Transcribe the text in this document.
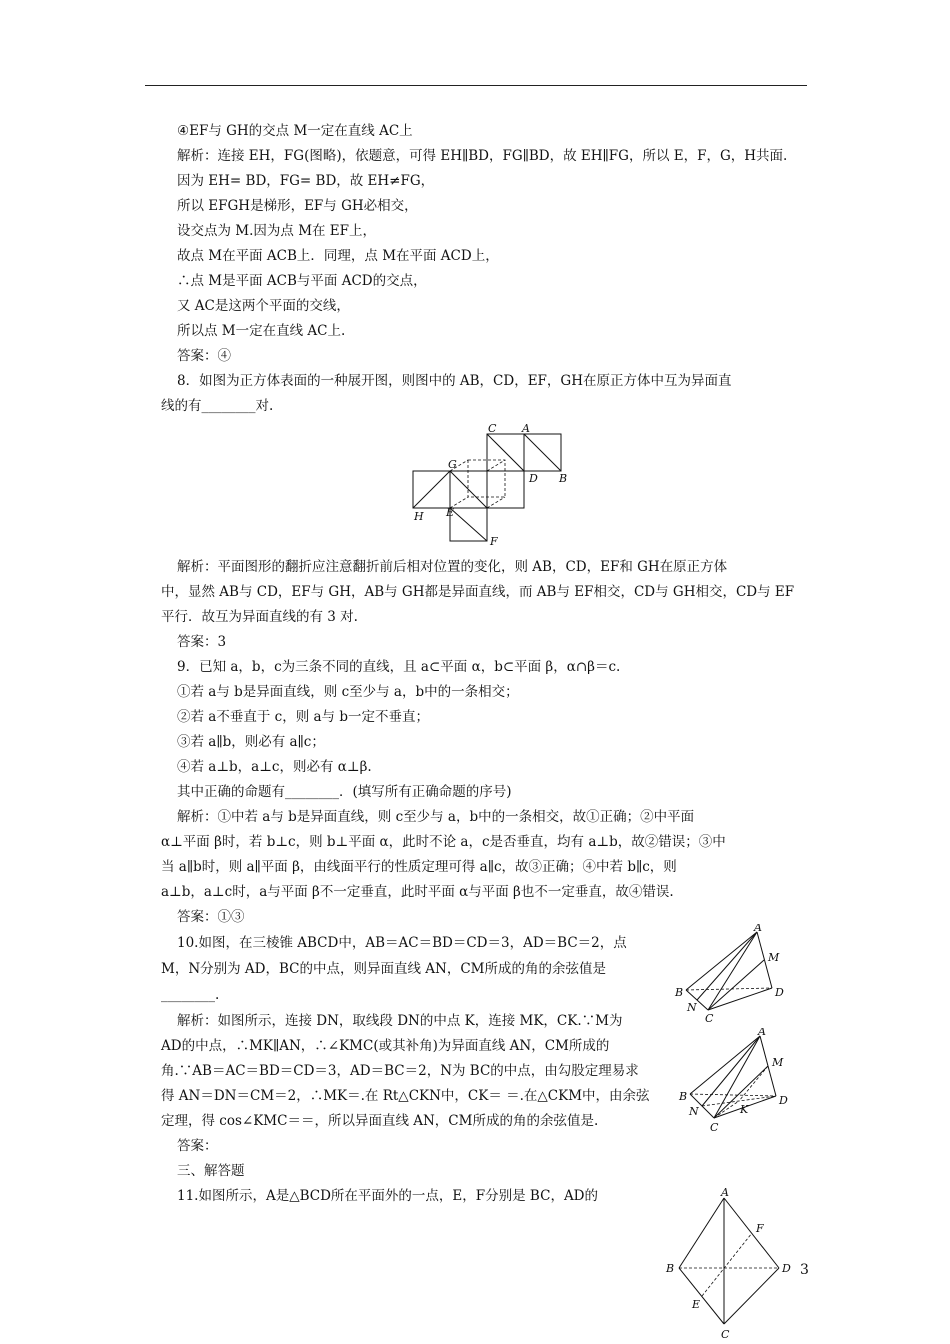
④EF与 GH的交点 M一定在直线 AC上
解析：连接 EH，FG(图略)，依题意，可得 EH∥BD，FG∥BD，故 EH∥FG，所以 E，F，G，H共面.
因为 EH= BD，FG= BD，故 EH≠FG，
所以 EFGH是梯形，EF与 GH必相交，
设交点为 M.因为点 M在 EF上，
故点 M在平面 ACB上．同理，点 M在平面 ACD上，
∴点 M是平面 ACB与平面 ACD的交点，
又 AC是这两个平面的交线，
所以点 M一定在直线 AC上.
答案：④
8．如图为正方体表面的一种展开图，则图中的 AB，CD，EF，GH在原正方体中互为异面直
线的有________对.
解析：平面图形的翻折应注意翻折前后相对位置的变化，则 AB，CD，EF和 GH在原正方体
中，显然 AB与 CD，EF与 GH，AB与 GH都是异面直线，而 AB与 EF相交，CD与 GH相交，CD与 EF
平行．故互为异面直线的有 3 对.
答案：3
9．已知 a，b，c为三条不同的直线，且 a⊂平面 α，b⊂平面 β，α∩β＝c.
①若 a与 b是异面直线，则 c至少与 a，b中的一条相交；
②若 a不垂直于 c，则 a与 b一定不垂直；
③若 a∥b，则必有 a∥c；
④若 a⊥b，a⊥c，则必有 α⊥β.
其中正确的命题有________．(填写所有正确命题的序号)
解析：①中若 a与 b是异面直线，则 c至少与 a，b中的一条相交，故①正确；②中平面
α⊥平面 β时，若 b⊥c，则 b⊥平面 α，此时不论 a，c是否垂直，均有 a⊥b，故②错误；③中
当 a∥b时，则 a∥平面 β，由线面平行的性质定理可得 a∥c，故③正确；④中若 b∥c，则
a⊥b，a⊥c时，a与平面 β不一定垂直，此时平面 α与平面 β也不一定垂直，故④错误.
答案：①③
10.如图，在三棱锥 ABCD中，AB＝AC＝BD＝CD＝3，AD＝BC＝2，点
M，N分别为 AD，BC的中点，则异面直线 AN，CM所成的角的余弦值是
________.
解析：如图所示，连接 DN，取线段 DN的中点 K，连接 MK，CK.∵M为
AD的中点，∴MK∥AN，∴∠KMC(或其补角)为异面直线 AN，CM所成的
角.∵AB＝AC＝BD＝CD＝3，AD＝BC＝2，N为 BC的中点，由勾股定理易求
得 AN＝DN＝CM＝2，∴MK＝.在 Rt△CKN中，CK＝ ＝.在△CKM中，由余弦
定理，得 cos∠KMC＝＝，所以异面直线 AN，CM所成的角的余弦值是.
答案：
三、解答题
11.如图所示，A是△BCD所在平面外的一点，E，F分别是 BC，AD的
C A
G
D B
H E
F
A
M
B	D
N
C
A
M
B	D
N	K
C
A
F
B	D
E
C
3
